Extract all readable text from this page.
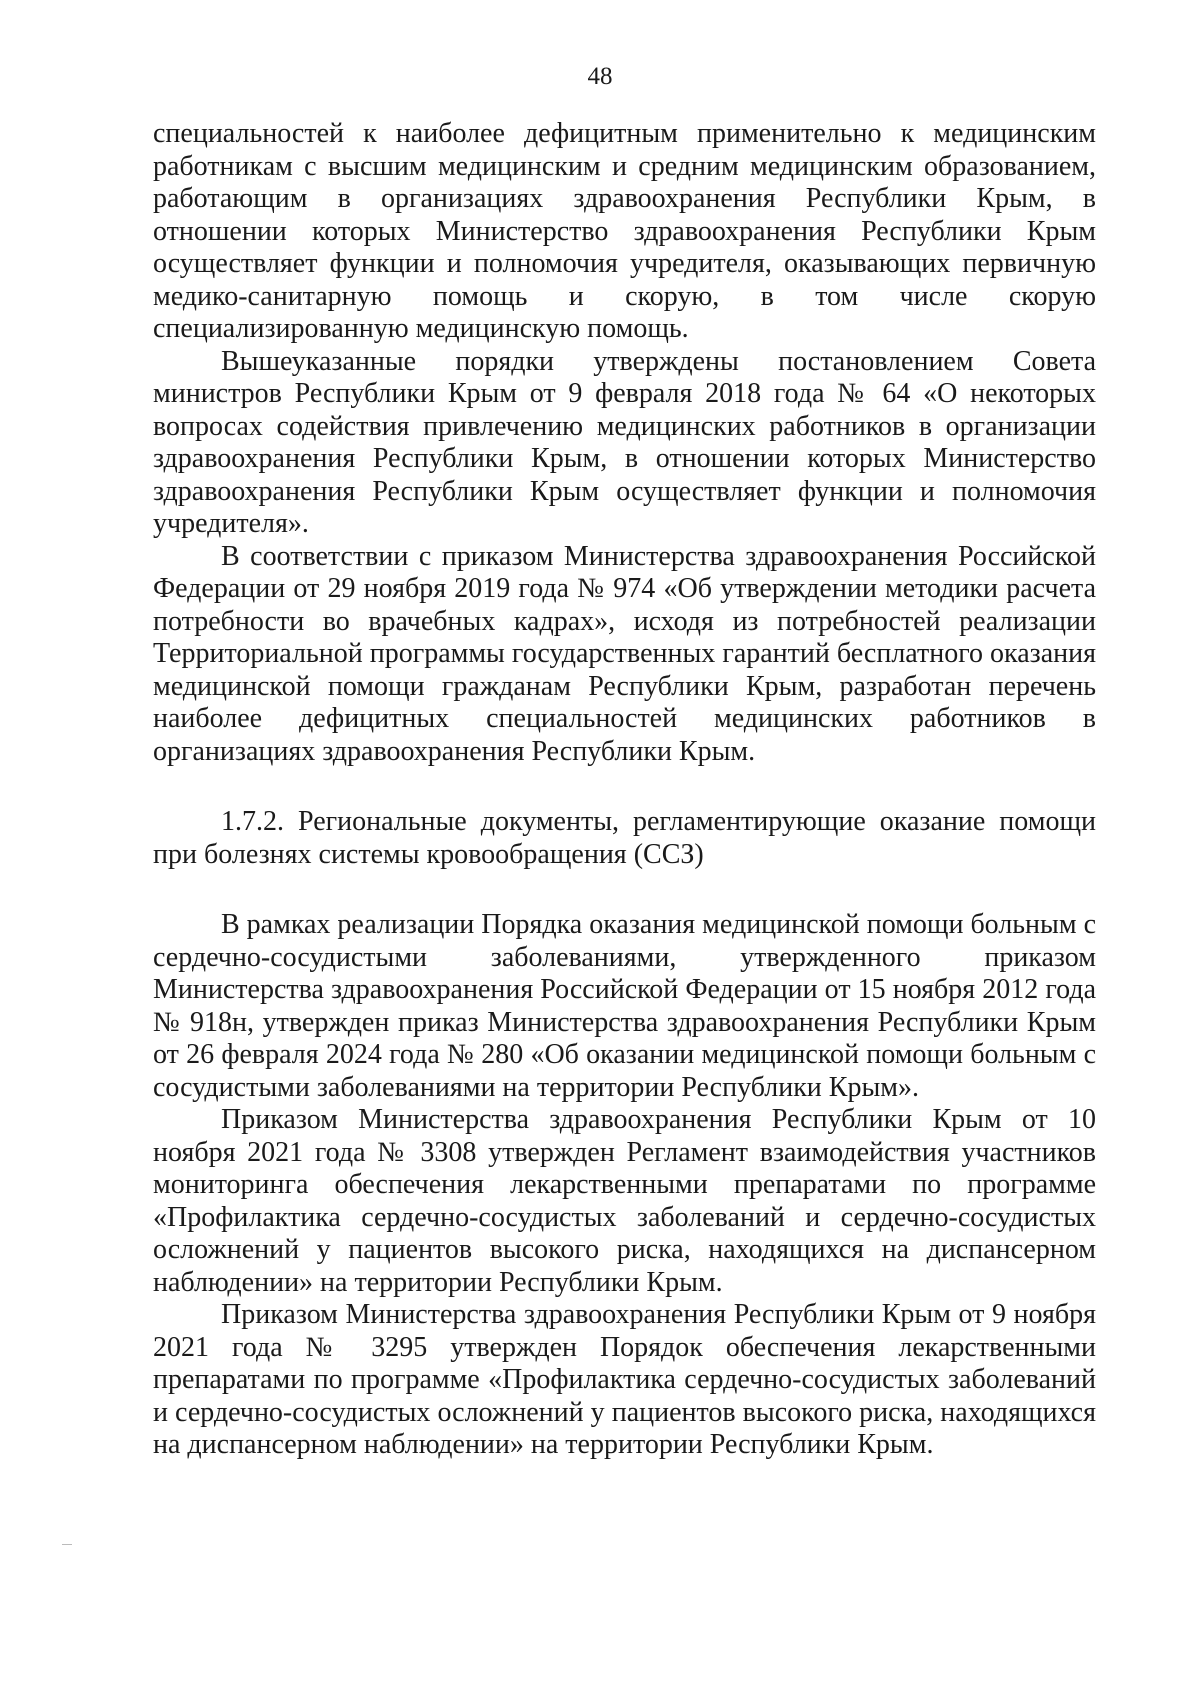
48

специальностей к наиболее дефицитным применительно к медицинским работникам с высшим медицинским и средним медицинским образованием, работающим в организациях здравоохранения Республики Крым, в отношении которых Министерство здравоохранения Республики Крым осуществляет функции и полномочия учредителя, оказывающих первичную медико-санитарную помощь и скорую, в том числе скорую специализированную медицинскую помощь.

Вышеуказанные порядки утверждены постановлением Совета министров Республики Крым от 9 февраля 2018 года № 64 «О некоторых вопросах содействия привлечению медицинских работников в организации здравоохранения Республики Крым, в отношении которых Министерство здравоохранения Республики Крым осуществляет функции и полномочия учредителя».

В соответствии с приказом Министерства здравоохранения Российской Федерации от 29 ноября 2019 года № 974 «Об утверждении методики расчета потребности во врачебных кадрах», исходя из потребностей реализации Территориальной программы государственных гарантий бесплатного оказания медицинской помощи гражданам Республики Крым, разработан перечень наиболее дефицитных специальностей медицинских работников в организациях здравоохранения Республики Крым.

1.7.2. Региональные документы, регламентирующие оказание помощи при болезнях системы кровообращения (ССЗ)

В рамках реализации Порядка оказания медицинской помощи больным с сердечно-сосудистыми заболеваниями, утвержденного приказом Министерства здравоохранения Российской Федерации от 15 ноября 2012 года № 918н, утвержден приказ Министерства здравоохранения Республики Крым от 26 февраля 2024 года № 280 «Об оказании медицинской помощи больным с сосудистыми заболеваниями на территории Республики Крым».

Приказом Министерства здравоохранения Республики Крым от 10 ноября 2021 года № 3308 утвержден Регламент взаимодействия участников мониторинга обеспечения лекарственными препаратами по программе «Профилактика сердечно-сосудистых заболеваний и сердечно-сосудистых осложнений у пациентов высокого риска, находящихся на диспансерном наблюдении» на территории Республики Крым.

Приказом Министерства здравоохранения Республики Крым от 9 ноября 2021 года № 3295 утвержден Порядок обеспечения лекарственными препаратами по программе «Профилактика сердечно-сосудистых заболеваний и сердечно-сосудистых осложнений у пациентов высокого риска, находящихся на диспансерном наблюдении» на территории Республики Крым.
